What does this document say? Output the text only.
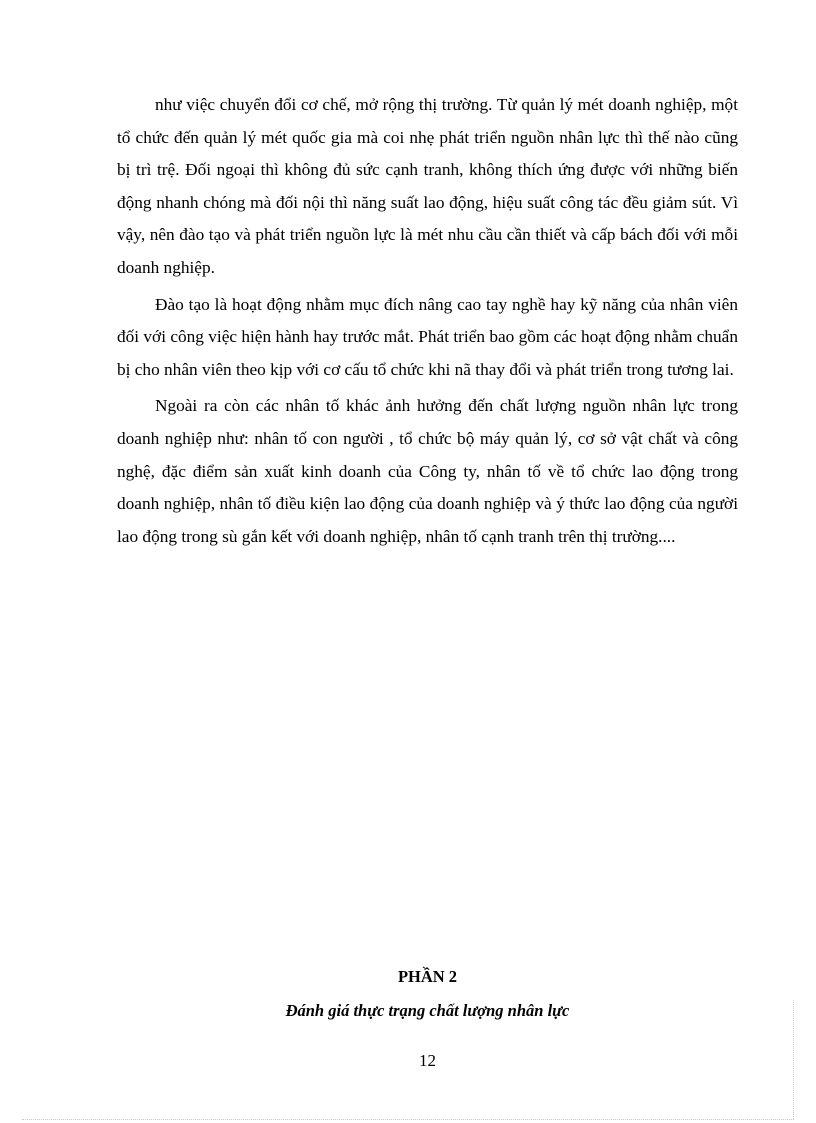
như việc chuyển đổi cơ chế, mở rộng thị trường. Từ quản lý mét doanh nghiệp, một tổ chức đến quản lý mét quốc gia mà coi nhẹ phát triển nguồn nhân lực thì thế nào cũng bị trì trệ. Đối ngoại thì không đủ sức cạnh tranh, không thích ứng được với những biến động nhanh chóng mà đối nội thì năng suất lao động, hiệu suất công tác đều giảm sút. Vì vậy, nên đào tạo và phát triển nguồn lực là mét nhu cầu cần thiết và cấp bách đối với mỗi doanh nghiệp.

Đào tạo là hoạt động nhằm mục đích nâng cao tay nghề hay kỹ năng của nhân viên đối với công việc hiện hành hay trước mắt. Phát triển bao gồm các hoạt động nhằm chuẩn bị cho nhân viên theo kịp với cơ cấu tổ chức khi nã thay đổi và phát triển trong tương lai.

Ngoài ra còn các nhân tố khác ảnh hưởng đến chất lượng nguồn nhân lực trong doanh nghiệp như: nhân tố con người , tổ chức bộ máy quản lý, cơ sở vật chất và công nghệ, đặc điểm sản xuất kinh doanh của Công ty, nhân tố về tổ chức lao động trong doanh nghiệp, nhân tố điều kiện lao động của doanh nghiệp và ý thức lao động của người lao động trong sù gắn kết với doanh nghiệp, nhân tố cạnh tranh trên thị trường....

PHẦN 2
Đánh giá thực trạng chất lượng nhân lực
12
